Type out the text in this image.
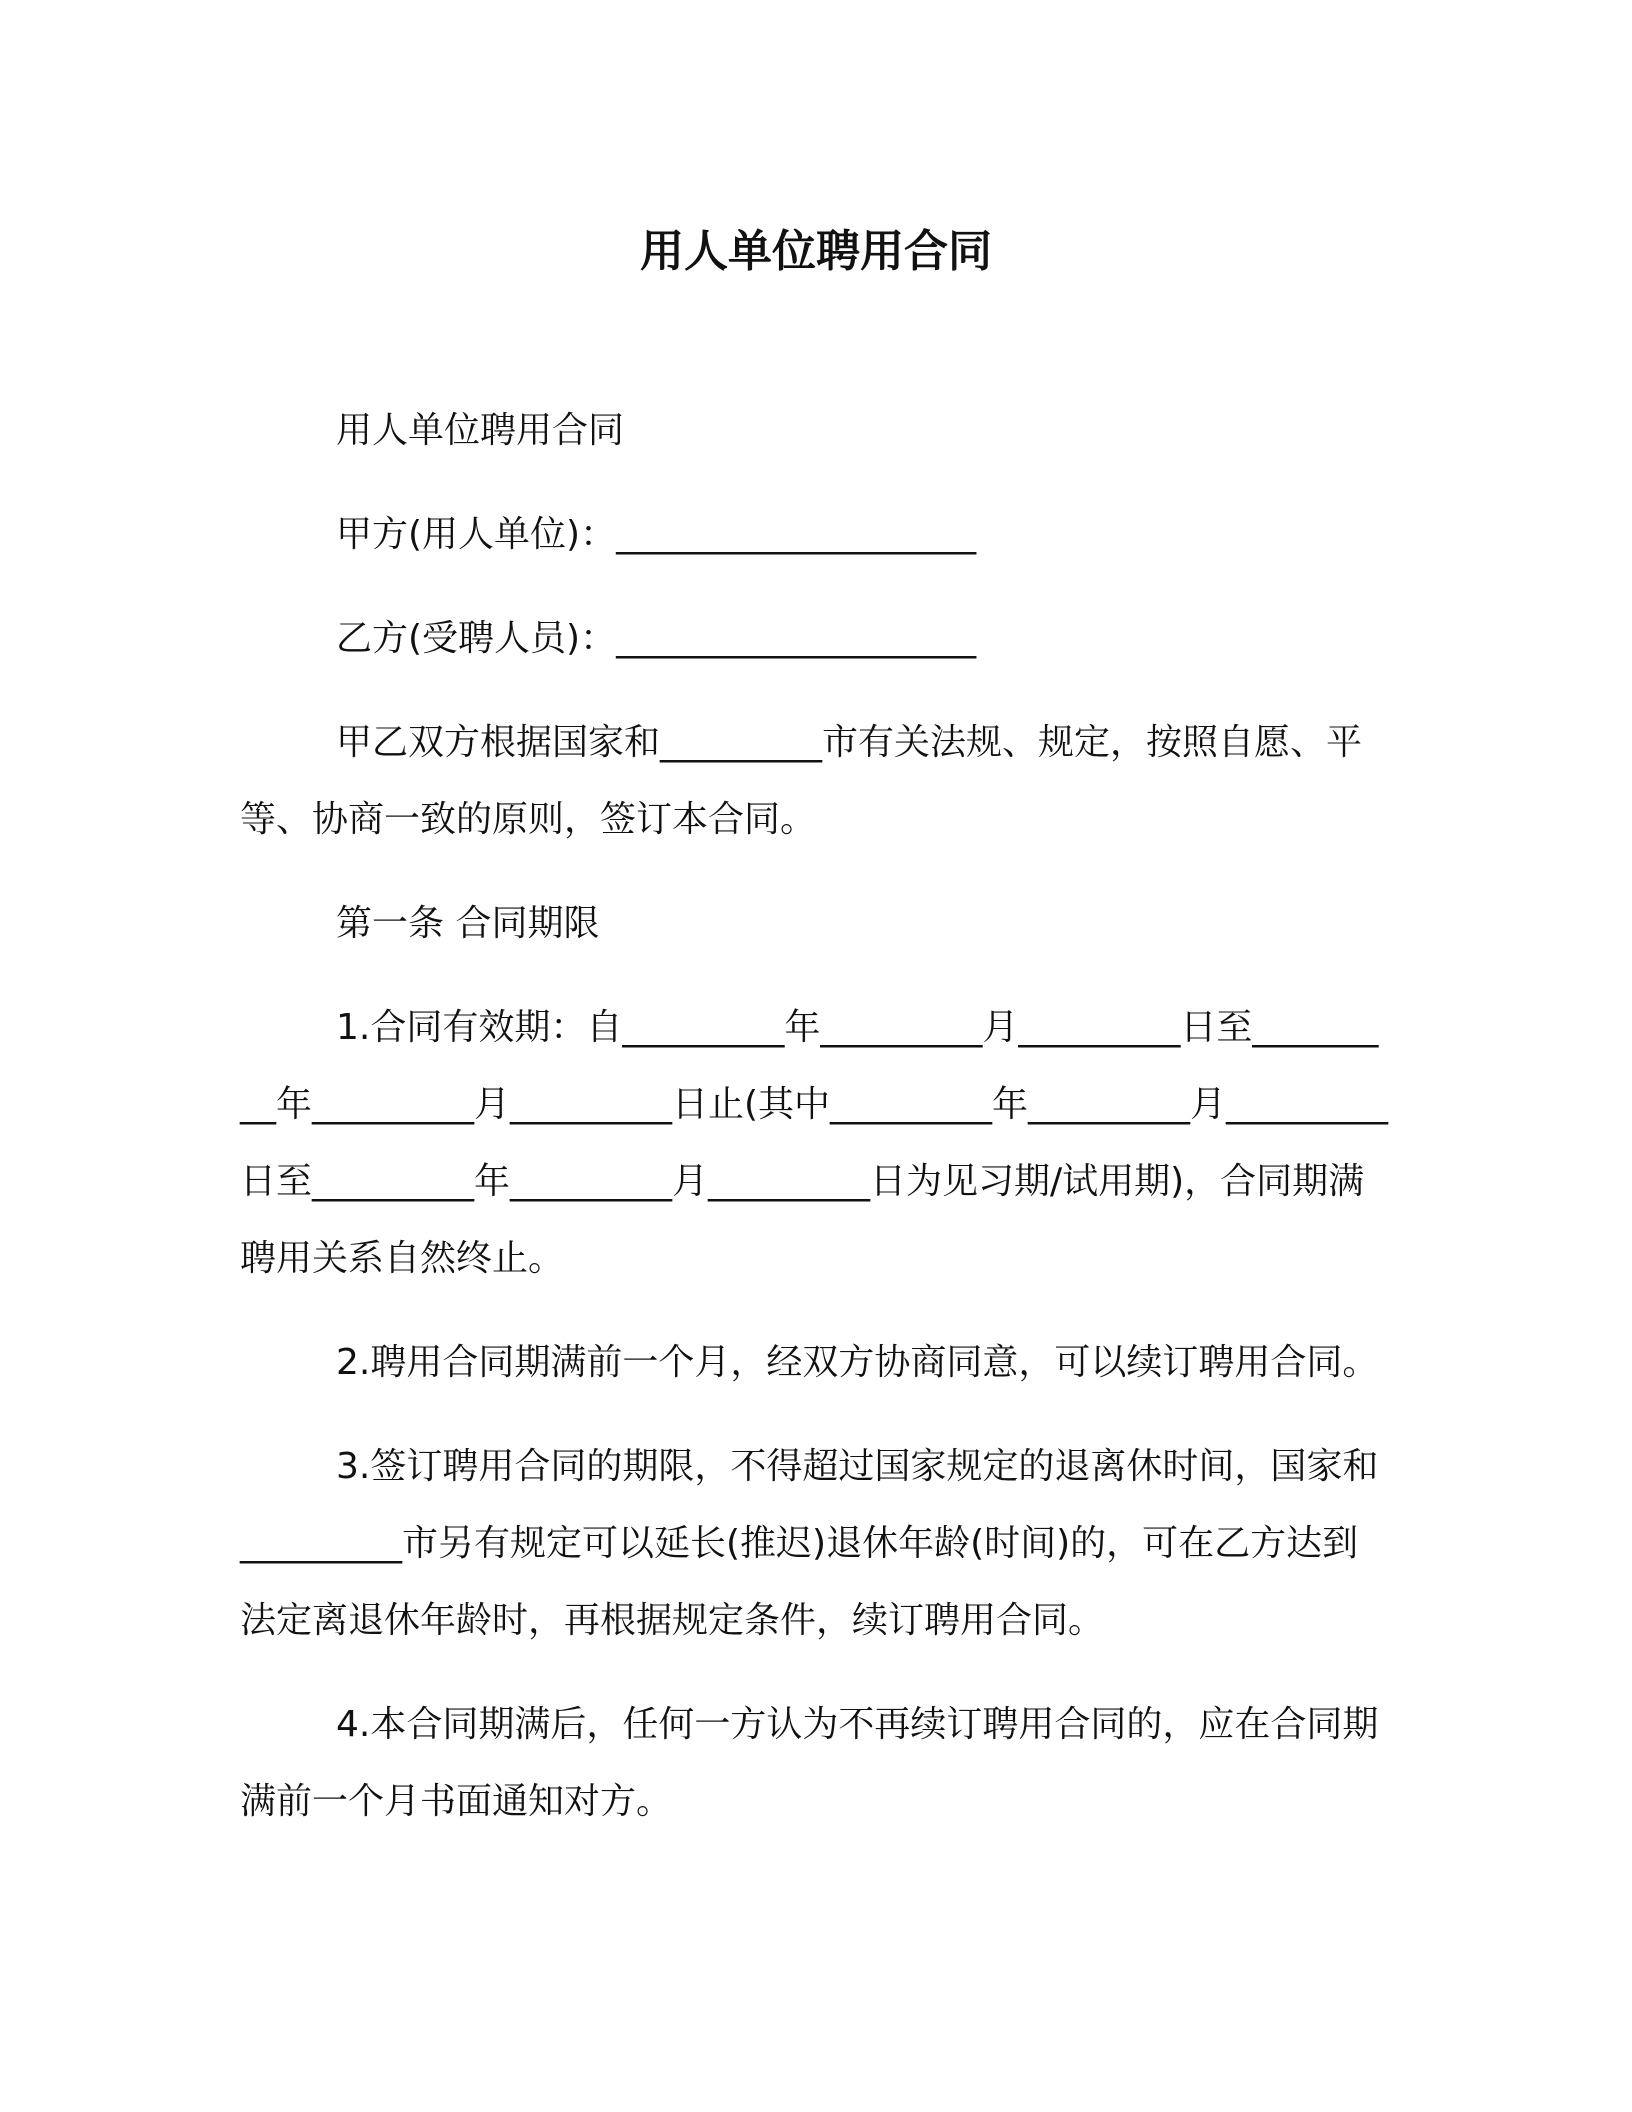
用人单位聘用合同

用人单位聘用合同

甲方(用人单位)：____________________

乙方(受聘人员)：____________________

甲乙双方根据国家和_________市有关法规、规定，按照自愿、平等、协商一致的原则，签订本合同。

第一条 合同期限

1.合同有效期：自_________年_________月_________日至_________年_________月_________日止(其中_________年_________月_________日至_________年_________月_________日为见习期/试用期)，合同期满聘用关系自然终止。

2.聘用合同期满前一个月，经双方协商同意，可以续订聘用合同。

3.签订聘用合同的期限，不得超过国家规定的退离休时间，国家和_________市另有规定可以延长(推迟)退休年龄(时间)的，可在乙方达到法定离退休年龄时，再根据规定条件，续订聘用合同。

4.本合同期满后，任何一方认为不再续订聘用合同的，应在合同期满前一个月书面通知对方。
